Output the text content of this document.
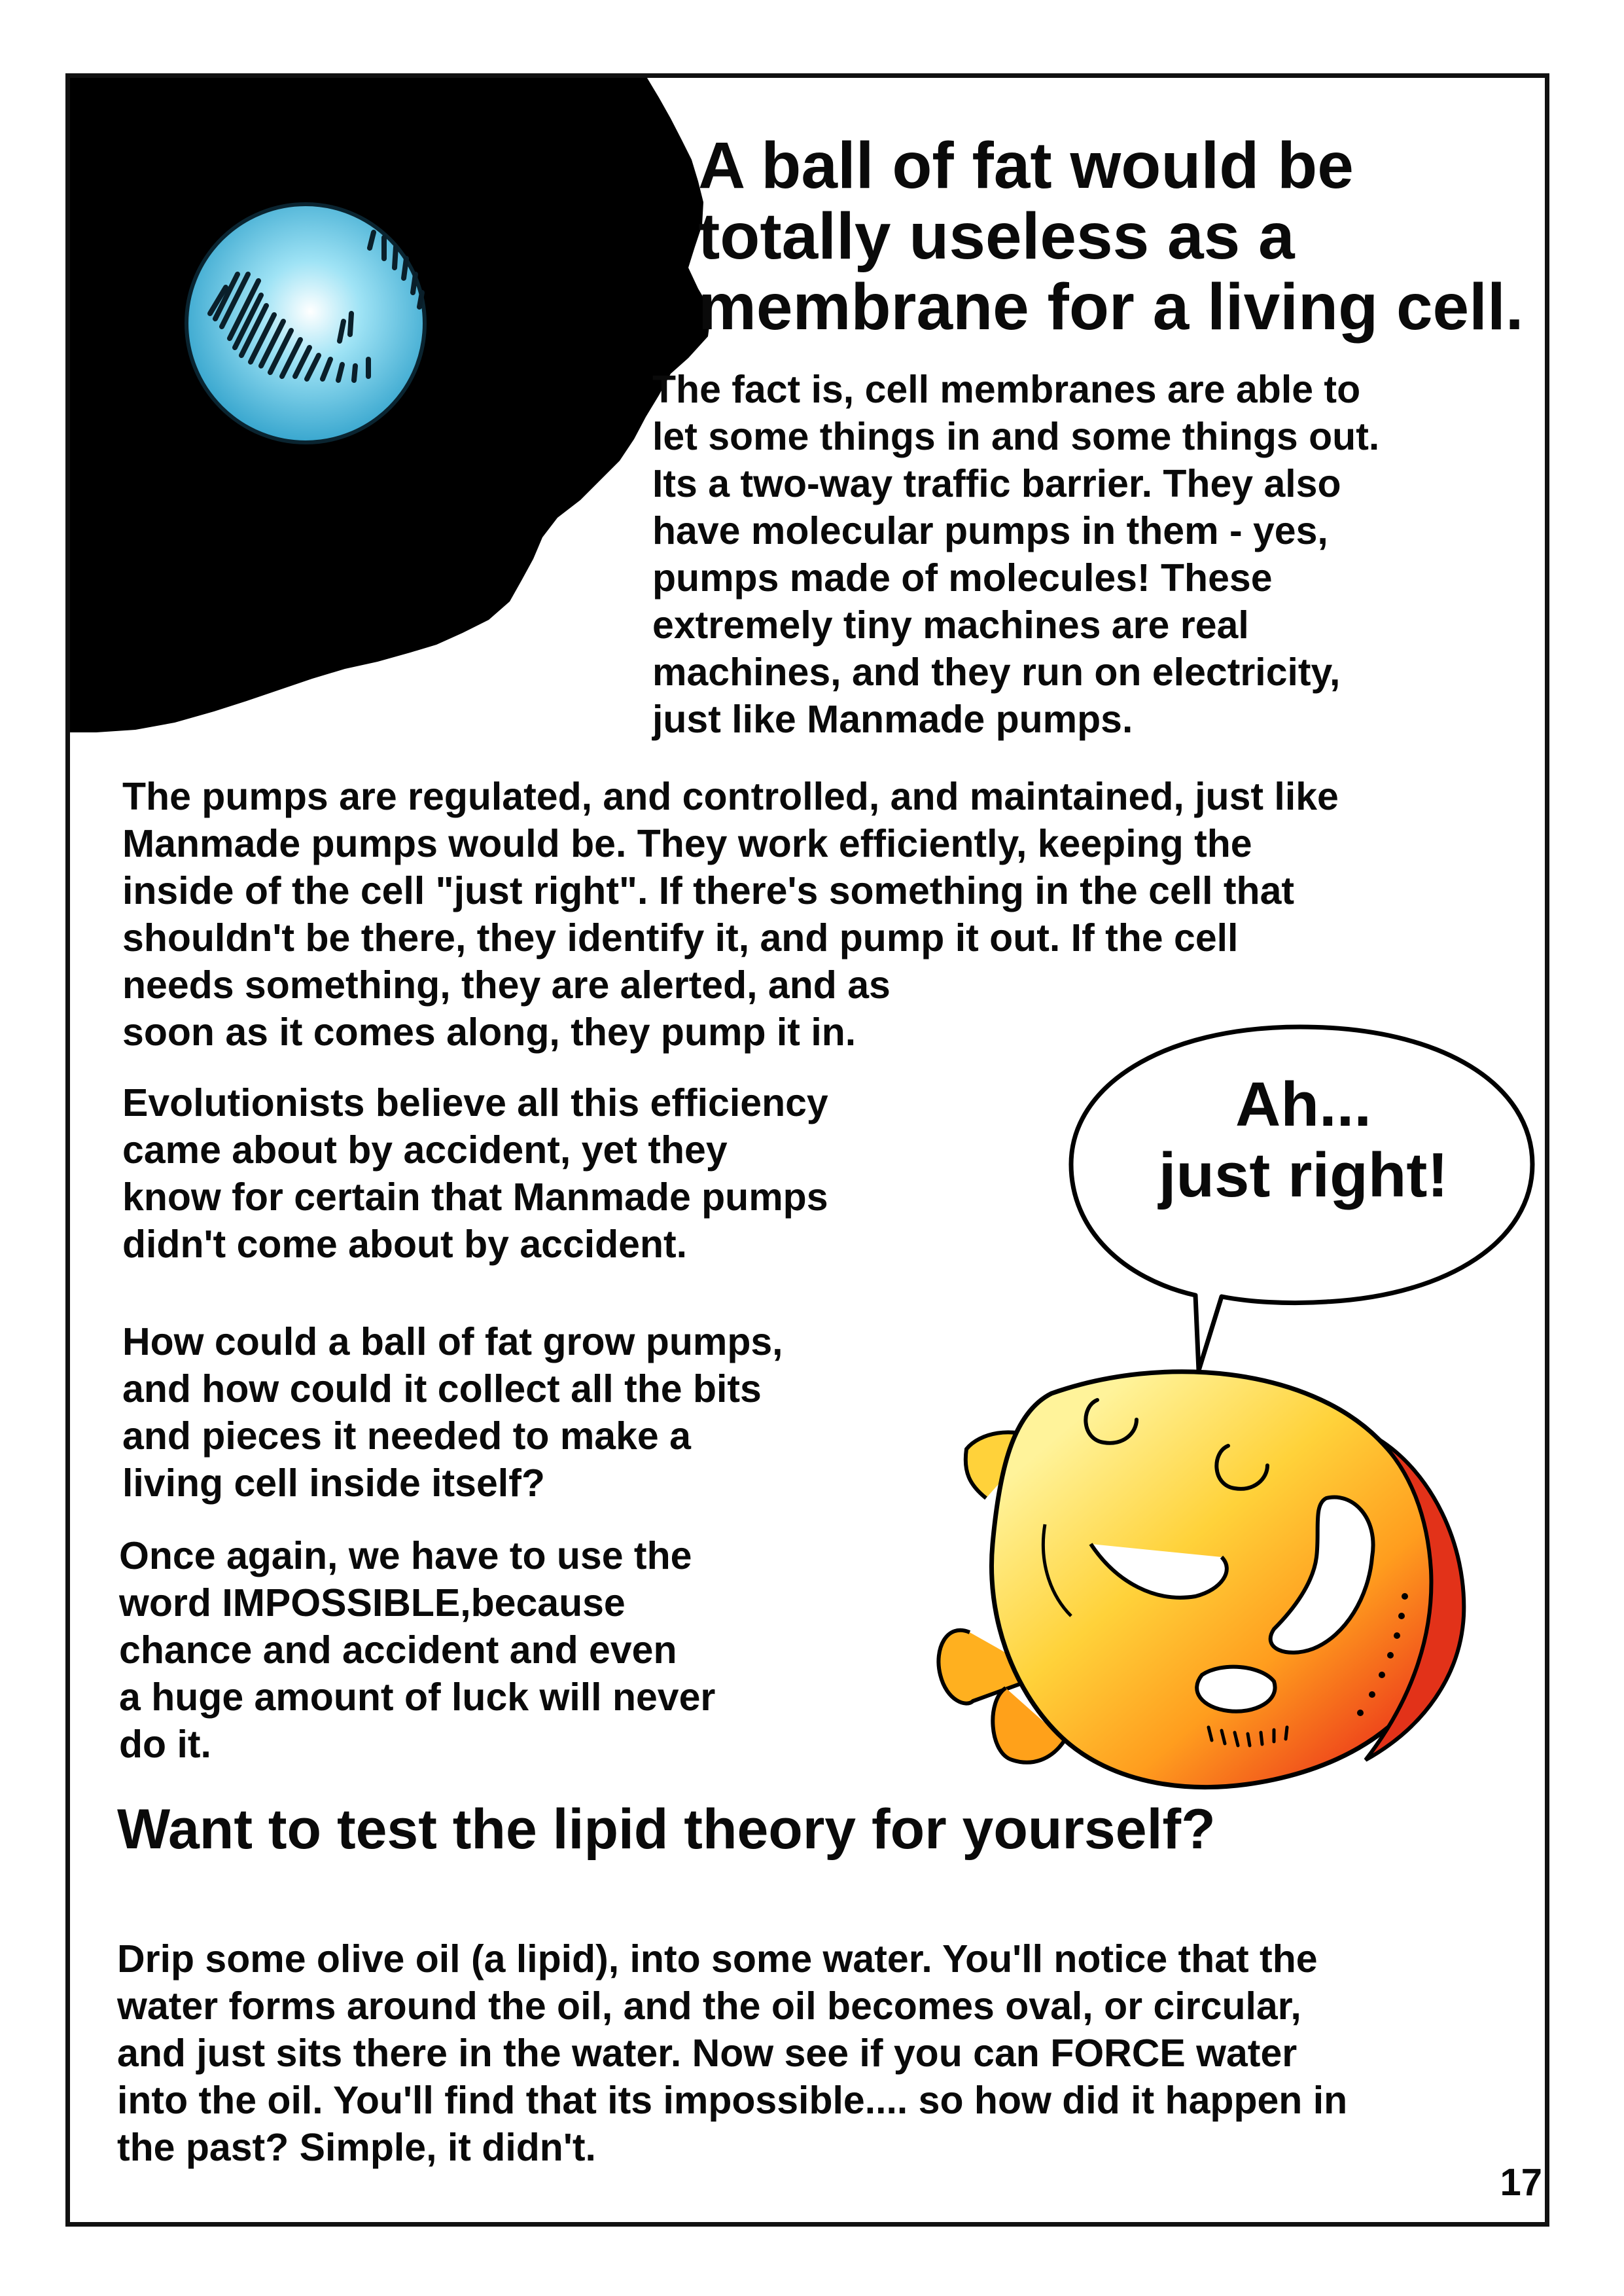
A ball of fat would be
totally useless as a
membrane for a living cell.

The fact is, cell membranes are able to
let some things in and some things out.
Its a two-way traffic barrier. They also
have molecular pumps in them - yes,
pumps made of molecules! These
extremely tiny machines are real
machines, and they run on electricity,
just like Manmade pumps.

The pumps are regulated, and controlled, and maintained, just like
Manmade pumps would be. They work efficiently, keeping the
inside of the cell "just right". If there's something in the cell that
shouldn't be there, they identify it, and pump it out. If the cell
needs something, they are alerted, and as
soon as it comes along, they pump it in.

Evolutionists believe all this efficiency
came about by accident, yet they
know for certain that Manmade pumps
didn't come about by accident.

How could a ball of fat grow pumps,
and how could it collect all the bits
and pieces it needed to make a
living cell inside itself?

Once again, we have to use the
word IMPOSSIBLE,because
chance and accident and even
a huge amount of luck will never
do it.

Ah...
just right!

Want to test the lipid theory for yourself?

Drip some olive oil (a lipid), into some water. You'll notice that the
water forms around the oil, and the oil becomes oval, or circular,
and just sits there in the water. Now see if you can FORCE water
into the oil. You'll find that its impossible.... so how did it happen in
the past? Simple, it didn't.

17
